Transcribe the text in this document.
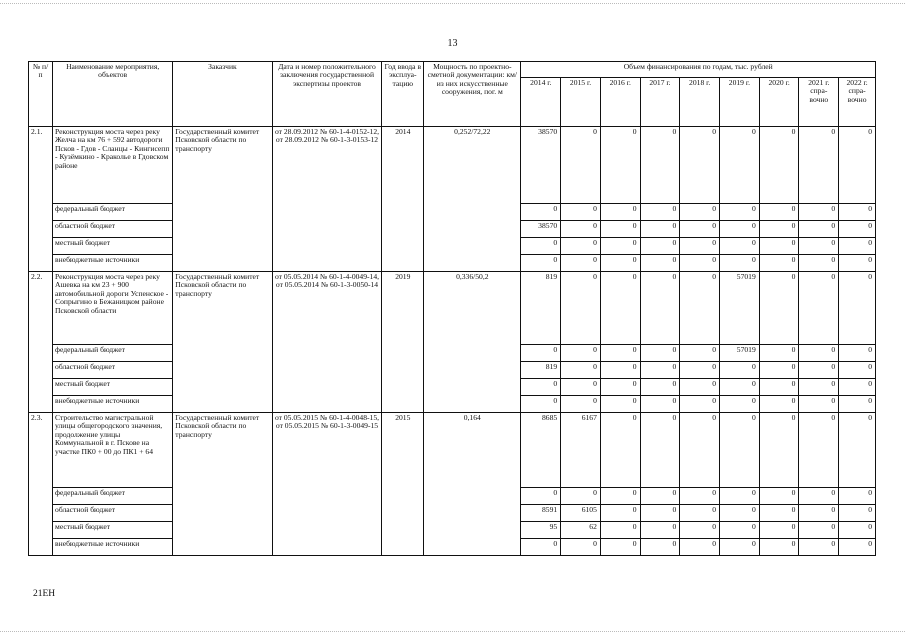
13
№ п/п	Наименование мероприятия, объектов	Заказчик	Дата и номер положительного заключения государственной экспертизы проектов	Год ввода в эксплуа-тацию	Мощность по проектно-сметной документации: км/из них искусственные сооружения, пог. м	Объем финансирования по годам, тыс. рублей								
						2014 г.	2015 г.	2016 г.	2017 г.	2018 г.	2019 г.	2020 г.	2021 г. спра-вочно	2022 г. спра-вочно
2.1.	Реконструкция моста через реку Желча на км 76 + 592 автодороги Псков - Гдов - Сланцы - Кингисепп - Кузёмкино - Краколье в Гдовском районе	Государственный комитет Псковской области по транспорту	от 28.09.2012 № 60-1-4-0152-12, от 28.09.2012 № 60-1-3-0153-12	2014	0,252/72,22	38570	0	0	0	0	0	0	0	0
	федеральный бюджет					0	0	0	0	0	0	0	0	0
	областной бюджет					38570	0	0	0	0	0	0	0	0
	местный бюджет					0	0	0	0	0	0	0	0	0
	внебюджетные источники					0	0	0	0	0	0	0	0	0
2.2.	Реконструкция моста через реку Ашевка на км 23 + 900 автомобильной дороги Успенское - Сопрыгино в Бежаницком районе Псковской области	Государственный комитет Псковской области по транспорту	от 05.05.2014 № 60-1-4-0049-14, от 05.05.2014 № 60-1-3-0050-14	2019	0,336/50,2	819	0	0	0	0	57019	0	0	0
	федеральный бюджет					0	0	0	0	0	57019	0	0	0
	областной бюджет					819	0	0	0	0	0	0	0	0
	местный бюджет					0	0	0	0	0	0	0	0	0
	внебюджетные источники					0	0	0	0	0	0	0	0	0
2.3.	Строительство магистральной улицы общегородского значения, продолжение улицы Коммунальной в г. Пскове на участке ПК0 + 00 до ПК1 + 64	Государственный комитет Псковской области по транспорту	от 05.05.2015 № 60-1-4-0048-15, от 05.05.2015 № 60-1-3-0049-15	2015	0,164	8685	6167	0	0	0	0	0	0	0
	федеральный бюджет					0	0	0	0	0	0	0	0	0
	областной бюджет					8591	6105	0	0	0	0	0	0	0
	местный бюджет					95	62	0	0	0	0	0	0	0
	внебюджетные источники					0	0	0	0	0	0	0	0	0
21ЕН
